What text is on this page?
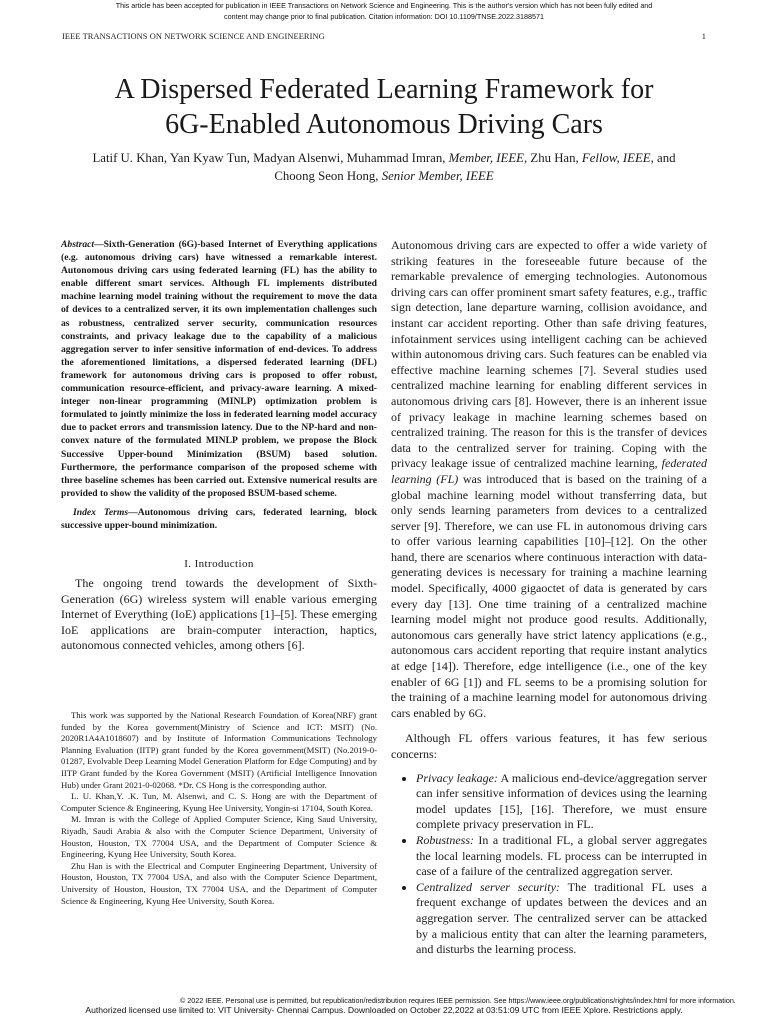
This article has been accepted for publication in IEEE Transactions on Network Science and Engineering. This is the author's version which has not been fully edited and
content may change prior to final publication. Citation information: DOI 10.1109/TNSE.2022.3188571
IEEE TRANSACTIONS ON NETWORK SCIENCE AND ENGINEERING	1
A Dispersed Federated Learning Framework for
6G-Enabled Autonomous Driving Cars
Latif U. Khan, Yan Kyaw Tun, Madyan Alsenwi, Muhammad Imran, Member, IEEE, Zhu Han, Fellow, IEEE, and Choong Seon Hong, Senior Member, IEEE

Abstract—Sixth-Generation (6G)-based Internet of Everything applications (e.g. autonomous driving cars) have witnessed a remarkable interest. Autonomous driving cars using federated learning (FL) has the ability to enable different smart services. Although FL implements distributed machine learning model training without the requirement to move the data of devices to a centralized server, it its own implementation challenges such as robustness, centralized server security, communication resources constraints, and privacy leakage due to the capability of a malicious aggregation server to infer sensitive information of end-devices. To address the aforementioned limitations, a dispersed federated learning (DFL) framework for autonomous driving cars is proposed to offer robust, communication resource-efficient, and privacy-aware learning. A mixed-integer non-linear programming (MINLP) optimization problem is formulated to jointly minimize the loss in federated learning model accuracy due to packet errors and transmission latency. Due to the NP-hard and non-convex nature of the formulated MINLP problem, we propose the Block Successive Upper-bound Minimization (BSUM) based solution. Furthermore, the performance comparison of the proposed scheme with three baseline schemes has been carried out. Extensive numerical results are provided to show the validity of the proposed BSUM-based scheme.

Index Terms—Autonomous driving cars, federated learning, block successive upper-bound minimization.

I. Introduction

The ongoing trend towards the development of Sixth-Generation (6G) wireless system will enable various emerging Internet of Everything (IoE) applications [1]–[5]. These emerging IoE applications are brain-computer interaction, haptics, autonomous connected vehicles, among others [6].

This work was supported by the National Research Foundation of Korea(NRF) grant funded by the Korea government(Ministry of Science and ICT: MSIT) (No. 2020R1A4A1018607) and by Institute of Information Communications Technology Planning Evaluation (IITP) grant funded by the Korea government(MSIT) (No.2019-0-01287, Evolvable Deep Learning Model Generation Platform for Edge Computing) and by IITP Grant funded by the Korea Government (MSIT) (Artificial Intelligence Innovation Hub) under Grant 2021-0-02068. *Dr. CS Hong is the corresponding author.

L. U. Khan,Y. .K. Tun, M. Alsenwi, and C. S. Hong are with the Department of Computer Science & Engineering, Kyung Hee University, Yongin-si 17104, South Korea.

M. Imran is with the College of Applied Computer Science, King Saud University, Riyadh, Saudi Arabia & also with the Computer Science Department, University of Houston, Houston, TX 77004 USA, and the Department of Computer Science & Engineering, Kyung Hee University, South Korea.

Zhu Han is with the Electrical and Computer Engineering Department, University of Houston, Houston, TX 77004 USA, and also with the Computer Science Department, University of Houston, Houston, TX 77004 USA, and the Department of Computer Science & Engineering, Kyung Hee University, South Korea.

Autonomous driving cars are expected to offer a wide variety of striking features in the foreseeable future because of the remarkable prevalence of emerging technologies. Autonomous driving cars can offer prominent smart safety features, e.g., traffic sign detection, lane departure warning, collision avoidance, and instant car accident reporting. Other than safe driving features, infotainment services using intelligent caching can be achieved within autonomous driving cars. Such features can be enabled via effective machine learning schemes [7]. Several studies used centralized machine learning for enabling different services in autonomous driving cars [8]. However, there is an inherent issue of privacy leakage in machine learning schemes based on centralized training. The reason for this is the transfer of devices data to the centralized server for training. Coping with the privacy leakage issue of centralized machine learning, federated learning (FL) was introduced that is based on the training of a global machine learning model without transferring data, but only sends learning parameters from devices to a centralized server [9]. Therefore, we can use FL in autonomous driving cars to offer various learning capabilities [10]–[12]. On the other hand, there are scenarios where continuous interaction with data-generating devices is necessary for training a machine learning model. Specifically, 4000 gigaoctet of data is generated by cars every day [13]. One time training of a centralized machine learning model might not produce good results. Additionally, autonomous cars generally have strict latency applications (e.g., autonomous cars accident reporting that require instant analytics at edge [14]). Therefore, edge intelligence (i.e., one of the key enabler of 6G [1]) and FL seems to be a promising solution for the training of a machine learning model for autonomous driving cars enabled by 6G.

Although FL offers various features, it has few serious concerns:

• Privacy leakage: A malicious end-device/aggregation server can infer sensitive information of devices using the learning model updates [15], [16]. Therefore, we must ensure complete privacy preservation in FL.
• Robustness: In a traditional FL, a global server aggregates the local learning models. FL process can be interrupted in case of a failure of the centralized aggregation server.
• Centralized server security: The traditional FL uses a frequent exchange of updates between the devices and an aggregation server. The centralized server can be attacked by a malicious entity that can alter the learning parameters, and disturbs the learning process.
© 2022 IEEE. Personal use is permitted, but republication/redistribution requires IEEE permission. See https://www.ieee.org/publications/rights/index.html for more information.
Authorized licensed use limited to: VIT University- Chennai Campus. Downloaded on October 22,2022 at 03:51:09 UTC from IEEE Xplore. Restrictions apply.
